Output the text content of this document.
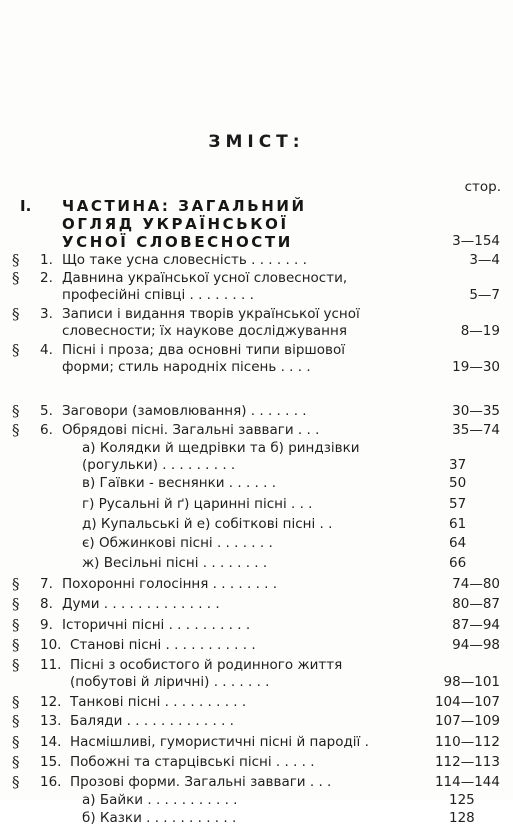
ЗМІСТ:
стор.
I. ЧАСТИНА: ЗАГАЛЬНИЙ
ОГЛЯД УКРАЇНСЬКОЇ
УСНОЇ СЛОВЕСНОСТИ	3—154
§ 1. Що таке усна словесність . . . . . . .	3—4
§ 2. Давнина української усної словесности,
професійні співці . . . . . . . .	5—7
§ 3. Записи і видання творів української усної
словесности; їх наукове досліджування	8—19
§ 4. Пісні і проза; два основні типи віршової
форми; стиль народніх пісень . . . .	19—30
§ 5. Заговори (замовлювання) . . . . . . .	30—35
§ 6. Обрядові пісні. Загальні завваги . . .	35—74
а) Колядки й щедрівки та б) риндзівки
(рогульки) . . . . . . . . .	37
в) Гаївки - веснянки . . . . . .	50
г) Русальні й ґ) царинні пісні . . .	57
д) Купальські й е) собіткові пісні . .	61
є) Обжинкові пісні . . . . . . .	64
ж) Весільні пісні . . . . . . . .	66
§ 7. Похоронні голосіння . . . . . . . .	74—80
§ 8. Думи . . . . . . . . . . . . . .	80—87
§ 9. Історичні пісні . . . . . . . . . .	87—94
§ 10. Станові пісні . . . . . . . . . . .	94—98
§ 11. Пісні з особистого й родинного життя
(побутові й ліричні) . . . . . . .	98—101
§ 12. Танкові пісні . . . . . . . . . .	104—107
§ 13. Баляди . . . . . . . . . . . . .	107—109
§ 14. Насмішливі, гумористичні пісні й пародії .	110—112
§ 15. Побожні та старцівські пісні . . . . .	112—113
§ 16. Прозові форми. Загальні завваги . . .	114—144
а) Байки . . . . . . . . . . .	125
б) Казки . . . . . . . . . . .	128
